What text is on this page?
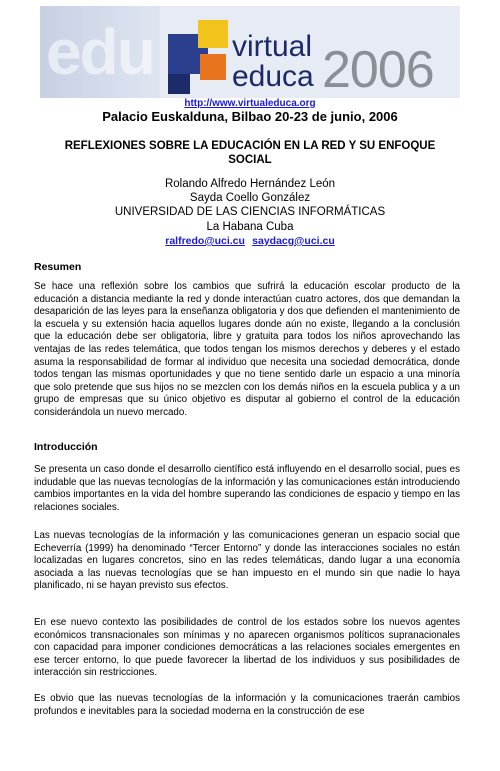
edu	virtual
educa 2006
http://www.virtualeduca.org
Palacio Euskalduna, Bilbao 20-23 de junio, 2006
REFLEXIONES SOBRE LA EDUCACIÓN EN LA RED Y SU ENFOQUE SOCIAL
Rolando Alfredo Hernández León
Sayda Coello González
UNIVERSIDAD DE LAS CIENCIAS INFORMÁTICAS
La Habana Cuba
ralfredo@uci.cu saydacg@uci.cu
Resumen
Se hace una reflexión sobre los cambios que sufrirá la educación escolar producto de la educación a distancia mediante la red y donde interactúan cuatro actores, dos que demandan la desaparición de las leyes para la enseñanza obligatoria y dos que defienden el mantenimiento de la escuela y su extensión hacia aquellos lugares donde aún no existe, llegando a la conclusión que la educación debe ser obligatoria, libre y gratuita para todos los niños aprovechando las ventajas de las redes telemática, que todos tengan los mismos derechos y deberes y el estado asuma la responsabilidad de formar al individuo que necesita una sociedad democrática, donde todos tengan las mismas oportunidades y que no tiene sentido darle un espacio a una minoría que solo pretende que sus hijos no se mezclen con los demás niños en la escuela publica y a un grupo de empresas que su único objetivo es disputar al gobierno el control de la educación considerándola un nuevo mercado.
Introducción
Se presenta un caso donde el desarrollo científico está influyendo en el desarrollo social, pues es indudable que las nuevas tecnologías de la información y las comunicaciones están introduciendo cambios importantes en la vida del hombre superando las condiciones de espacio y tiempo en las relaciones sociales.
Las nuevas tecnologías de la información y las comunicaciones generan un espacio social que Echeverría (1999) ha denominado “Tercer Entorno” y donde las interacciones sociales no están localizadas en lugares concretos, sino en las redes telemáticas, dando lugar a una economía asociada a las nuevas tecnologías que se han impuesto en el mundo sin que nadie lo haya planificado, ni se hayan previsto sus efectos.
En ese nuevo contexto las posibilidades de control de los estados sobre los nuevos agentes económicos transnacionales son mínimas y no aparecen organismos políticos supranacionales con capacidad para imponer condiciones democráticas a las relaciones sociales emergentes en ese tercer entorno, lo que puede favorecer la libertad de los individuos y sus posibilidades de interacción sin restricciones.
Es obvio que las nuevas tecnologías de la información y la comunicaciones traerán cambios profundos e inevitables para la sociedad moderna en la construcción de ese
